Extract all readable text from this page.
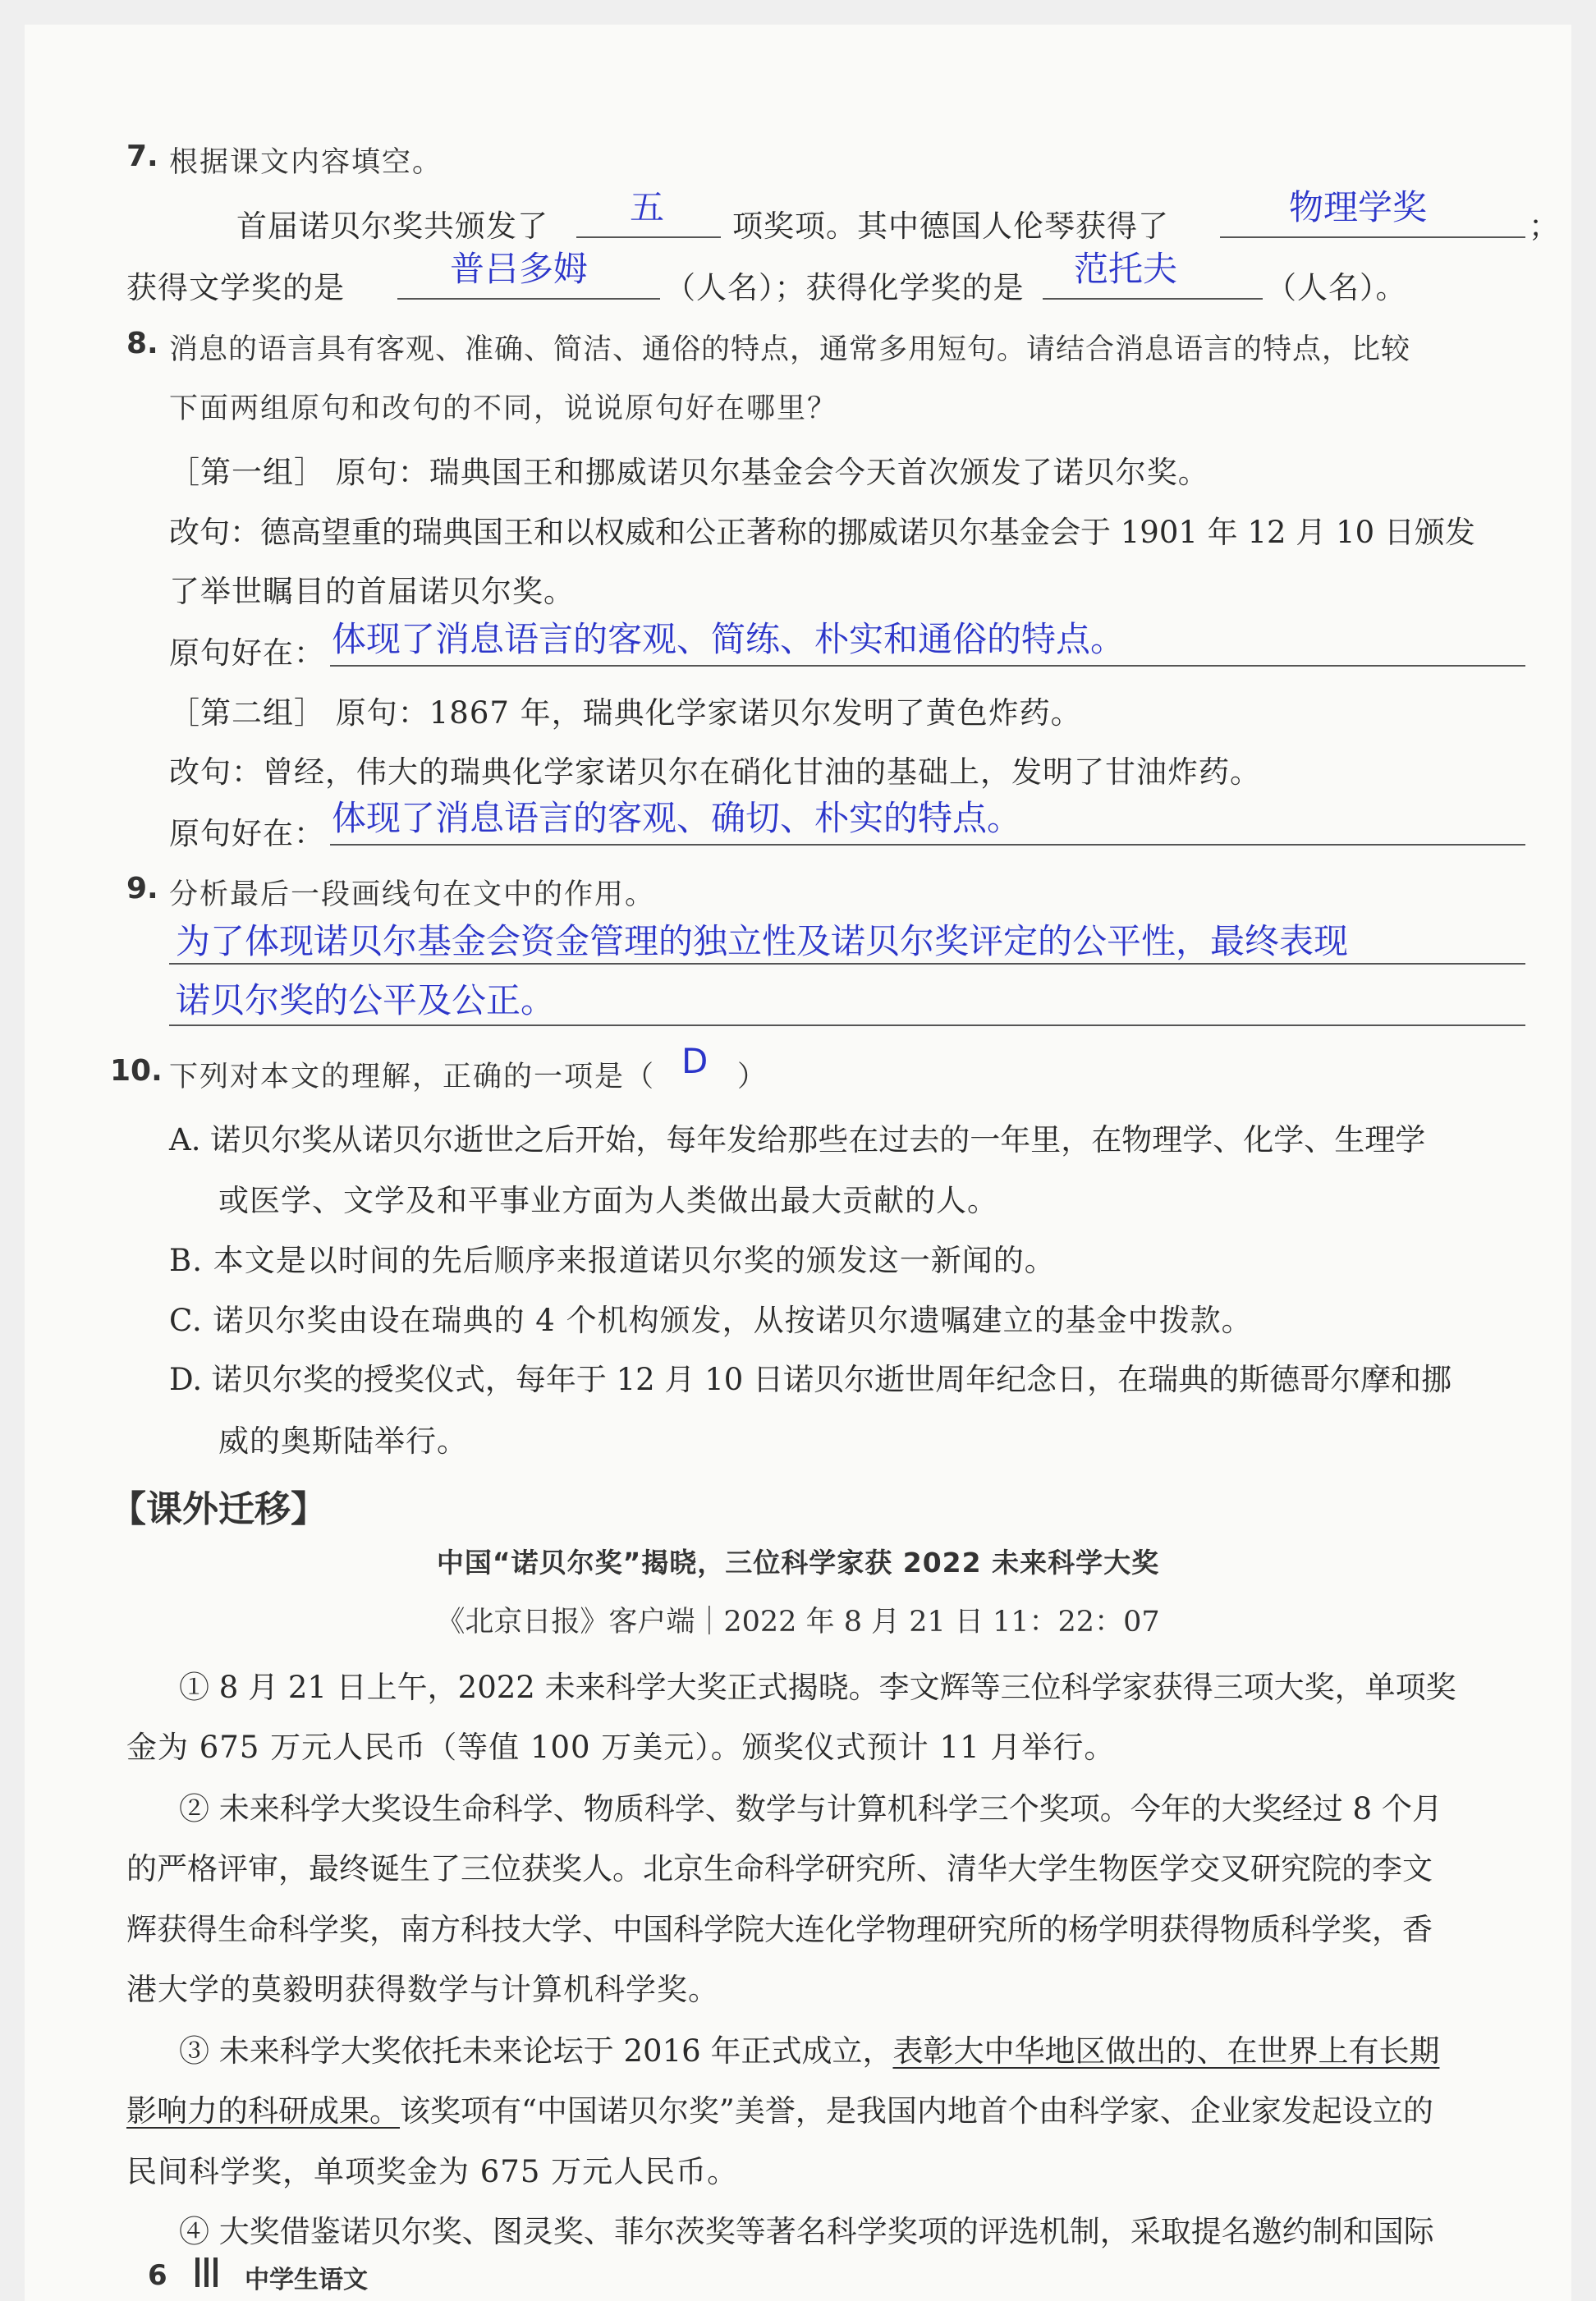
7. 根据课文内容填空。
首届诺贝尔奖共颁发了 五 项奖项。其中德国人伦琴获得了	物理学奖	；
获得文学奖的是	普吕多姆	（人名）；获得化学奖的是 范托夫	（人名）。
8. 消息的语言具有客观、准确、简洁、通俗的特点，通常多用短句。请结合消息语言的特点，比较
下面两组原句和改句的不同，说说原句好在哪里？
［第一组］ 原句：瑞典国王和挪威诺贝尔基金会今天首次颁发了诺贝尔奖。
改句：德高望重的瑞典国王和以权威和公正著称的挪威诺贝尔基金会于 1901 年 12 月 10 日颁发
了举世瞩目的首届诺贝尔奖。
原句好在： 体现了消息语言的客观、简练、朴实和通俗的特点。
［第二组］ 原句：1867 年，瑞典化学家诺贝尔发明了黄色炸药。
改句：曾经，伟大的瑞典化学家诺贝尔在硝化甘油的基础上，发明了甘油炸药。
原句好在： 体现了消息语言的客观、确切、朴实的特点。
9. 分析最后一段画线句在文中的作用。
为了体现诺贝尔基金会资金管理的独立性及诺贝尔奖评定的公平性，最终表现
诺贝尔奖的公平及公正。
10. 下列对本文的理解，正确的一项是（ D ）
A. 诺贝尔奖从诺贝尔逝世之后开始，每年发给那些在过去的一年里，在物理学、化学、生理学
或医学、文学及和平事业方面为人类做出最大贡献的人。
B. 本文是以时间的先后顺序来报道诺贝尔奖的颁发这一新闻的。
C. 诺贝尔奖由设在瑞典的 4 个机构颁发，从按诺贝尔遗嘱建立的基金中拨款。
D. 诺贝尔奖的授奖仪式，每年于 12 月 10 日诺贝尔逝世周年纪念日，在瑞典的斯德哥尔摩和挪
威的奥斯陆举行。
【课外迁移】
中国“诺贝尔奖”揭晓，三位科学家获 2022 未来科学大奖
《北京日报》客户端｜2022 年 8 月 21 日 11：22：07
① 8 月 21 日上午，2022 未来科学大奖正式揭晓。李文辉等三位科学家获得三项大奖，单项奖
金为 675 万元人民币（等值 100 万美元）。颁奖仪式预计 11 月举行。
② 未来科学大奖设生命科学、物质科学、数学与计算机科学三个奖项。今年的大奖经过 8 个月
的严格评审，最终诞生了三位获奖人。北京生命科学研究所、清华大学生物医学交叉研究院的李文
辉获得生命科学奖，南方科技大学、中国科学院大连化学物理研究所的杨学明获得物质科学奖，香
港大学的莫毅明获得数学与计算机科学奖。
③ 未来科学大奖依托未来论坛于 2016 年正式成立，表彰大中华地区做出的、在世界上有长期
影响力的科研成果。该奖项有“中国诺贝尔奖”美誉，是我国内地首个由科学家、企业家发起设立的
民间科学奖，单项奖金为 675 万元人民币。
④ 大奖借鉴诺贝尔奖、图灵奖、菲尔茨奖等著名科学奖项的评选机制，采取提名邀约制和国际
6	中学生语文
